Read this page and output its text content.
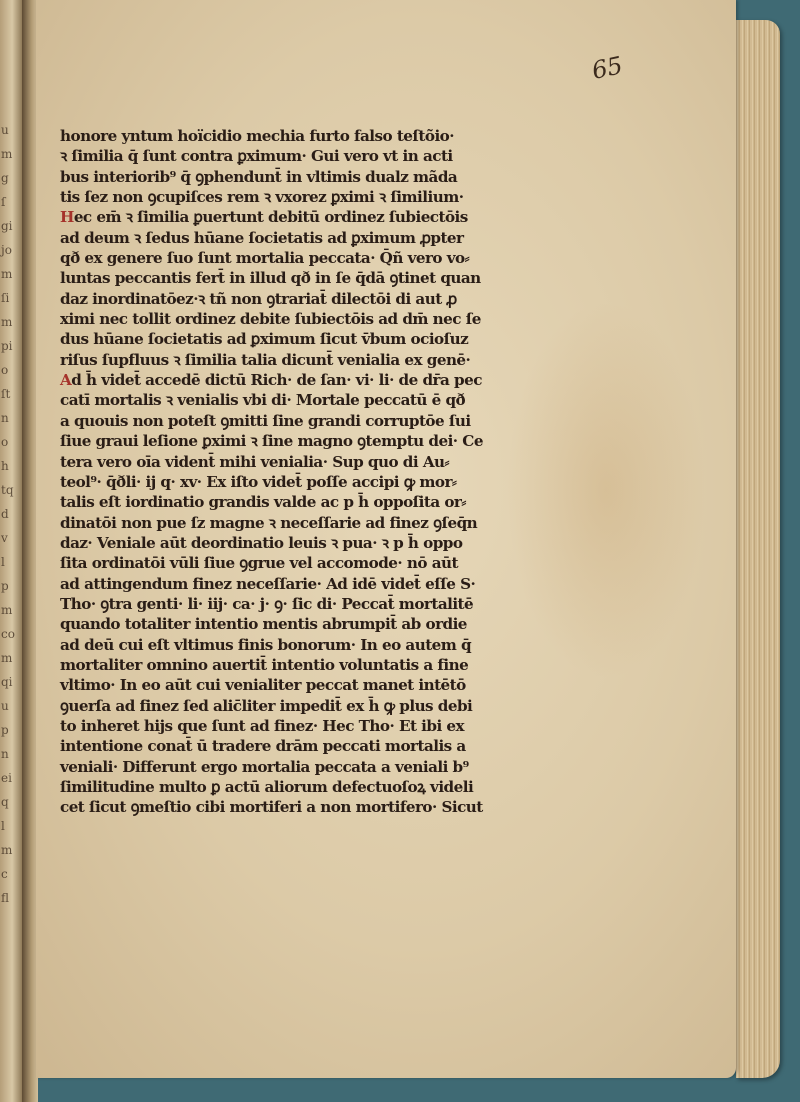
u
m
g
ſ
gi
jo
m
ſi
m
pi
o
ſt
n
o
h
tq
d
v
l
p
m
co
m
qi
u
p
n
ei
q
l
m
c
fl
65
honore yntum hoïcidio mechia furto falso teſtõio·
ꝛ ſimilia q̄ ſunt contra ꝑximum· Gui vero vt in acti
bus interiorib⁹ q̄ ꝯphendunt̄ in vltimis dualz mãda
tis ſez non ꝯcupiſces rem ꝛ vxorez ꝑximi ꝛ ſimilium·
Hec em̄ ꝛ ſimilia ꝑuertunt debitū ordinez ſubiectōis
ad deum ꝛ ſedus hūane ſocietatis ad ꝑximum ꝓpter
qð ex genere ſuo ſunt mortalia peccata· Q̄ñ vero vo⸗
luntas peccantis fert̄ in illud qð in ſe q̄dā ꝯtinet quan
daz inordinatōez·ꝛ tñ non ꝯtrariat̄ dilectōi di aut ꝓ
ximi nec tollit ordinez debite ſubiectōis ad dm̄ nec ſe
dus hūane ſocietatis ad ꝑximum ſicut v̄bum ocioſuz
riſus ſupfluus ꝛ ſimilia talia dicunt̄ venialia ex genē·
Ad h̄ videt̄ accedē dictū Rich· de ſan· vi· li· de dr̄a pec
catī mortalis ꝛ venialis vbi di· Mortale peccatū ē qð
a quouis non poteſt ꝯmitti ſine grandi corruptōe ſui
ſiue graui leſione ꝑximi ꝛ ſine magno ꝯtemptu dei· Ce
tera vero oīa vident̄ mihi venialia· Sup quo di Au⸗
teol⁹· q̄ðli· ij q· xv· Ex iſto videt̄ poſſe accipi ꝙ mor⸗
talis eſt iordinatio grandis valde ac p h̄ oppoſita or⸗
dinatōi non pue ſz magne ꝛ neceſſarie ad finez ꝯſeq̄n
daz· Veniale aūt deordinatio leuis ꝛ pua· ꝛ p h̄ oppo
ſita ordinatōi vūli ſiue ꝯgrue vel accomode· nō aūt
ad attingendum finez neceſſarie· Ad idē videt̄ eſſe S·
Tho· ꝯtra genti· li· iij· ca· j· ꝯ· ſic di· Peccat̄ mortalitē
quando totaliter intentio mentis abrumpit̄ ab ordie
ad deū cui eſt vltimus finis bonorum· In eo autem q̄
mortaliter omnino auertit̄ intentio voluntatis a fine
vltimo· In eo aūt cui venialiter peccat manet intētō
ꝯuerſa ad finez ſed alic̄liter impedit̄ ex h̄ ꝙ plus debi
to inheret hijs que ſunt ad finez· Hec Tho· Et ibi ex
intentione conat̄ ū tradere drām peccati mortalis a
veniali· Differunt ergo mortalia peccata a veniali b⁹
ſimilitudine multo ꝑ actū aliorum defectuoſoꝝ videli
cet ſicut ꝯmeſtio cibi mortiferi a non mortifero· Sicut
